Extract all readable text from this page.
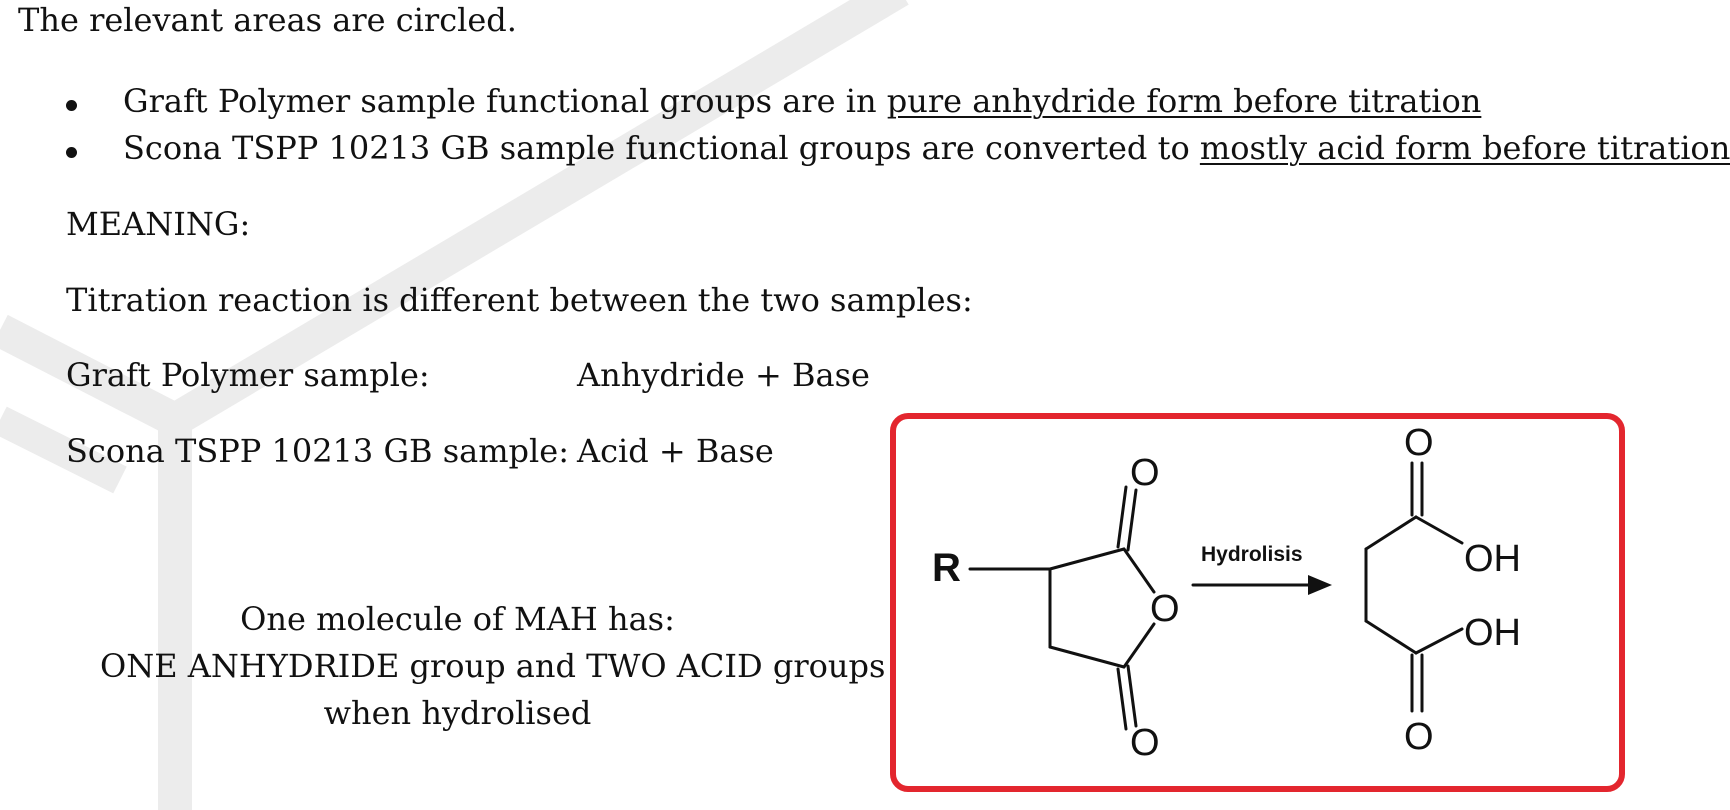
The relevant areas are circled.
Graft Polymer sample functional groups are in pure anhydride form before titration
Scona TSPP 10213 GB sample functional groups are converted to mostly acid form before titration
MEANING:
Titration reaction is different between the two samples:
Graft Polymer sample:	Anhydride + Base
Scona TSPP 10213 GB sample: Acid + Base
One molecule of MAH has:
ONE ANHYDRIDE group and TWO ACID groups
when hydrolised
R
O
O
O
Hydrolisis
O
OH
OH
O
